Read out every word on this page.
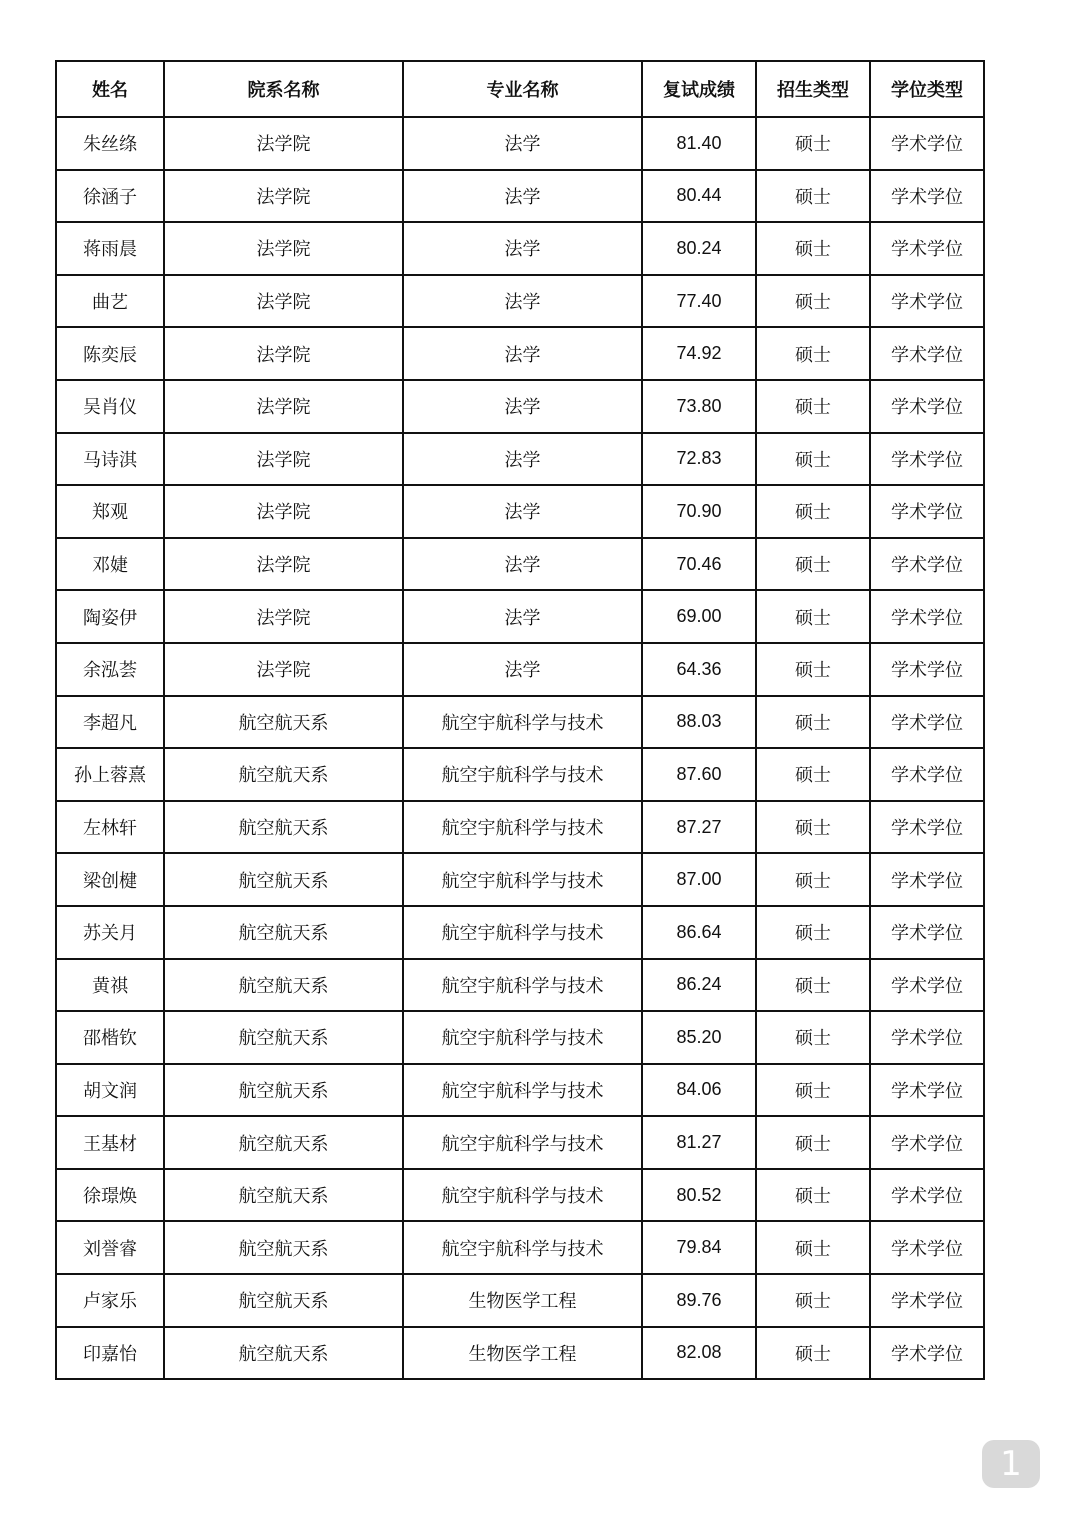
姓名	院系名称	专业名称	复试成绩	招生类型	学位类型
朱丝绦	法学院	法学	81.40	硕士	学术学位
徐涵子	法学院	法学	80.44	硕士	学术学位
蒋雨晨	法学院	法学	80.24	硕士	学术学位
曲艺	法学院	法学	77.40	硕士	学术学位
陈奕辰	法学院	法学	74.92	硕士	学术学位
吴肖仪	法学院	法学	73.80	硕士	学术学位
马诗淇	法学院	法学	72.83	硕士	学术学位
郑观	法学院	法学	70.90	硕士	学术学位
邓婕	法学院	法学	70.46	硕士	学术学位
陶姿伊	法学院	法学	69.00	硕士	学术学位
余泓荟	法学院	法学	64.36	硕士	学术学位
李超凡	航空航天系	航空宇航科学与技术	88.03	硕士	学术学位
孙上蓉熹	航空航天系	航空宇航科学与技术	87.60	硕士	学术学位
左林轩	航空航天系	航空宇航科学与技术	87.27	硕士	学术学位
梁创楗	航空航天系	航空宇航科学与技术	87.00	硕士	学术学位
苏关月	航空航天系	航空宇航科学与技术	86.64	硕士	学术学位
黄祺	航空航天系	航空宇航科学与技术	86.24	硕士	学术学位
邵楷钦	航空航天系	航空宇航科学与技术	85.20	硕士	学术学位
胡文润	航空航天系	航空宇航科学与技术	84.06	硕士	学术学位
王基材	航空航天系	航空宇航科学与技术	81.27	硕士	学术学位
徐璟焕	航空航天系	航空宇航科学与技术	80.52	硕士	学术学位
刘誉睿	航空航天系	航空宇航科学与技术	79.84	硕士	学术学位
卢家乐	航空航天系	生物医学工程	89.76	硕士	学术学位
印嘉怡	航空航天系	生物医学工程	82.08	硕士	学术学位
1
